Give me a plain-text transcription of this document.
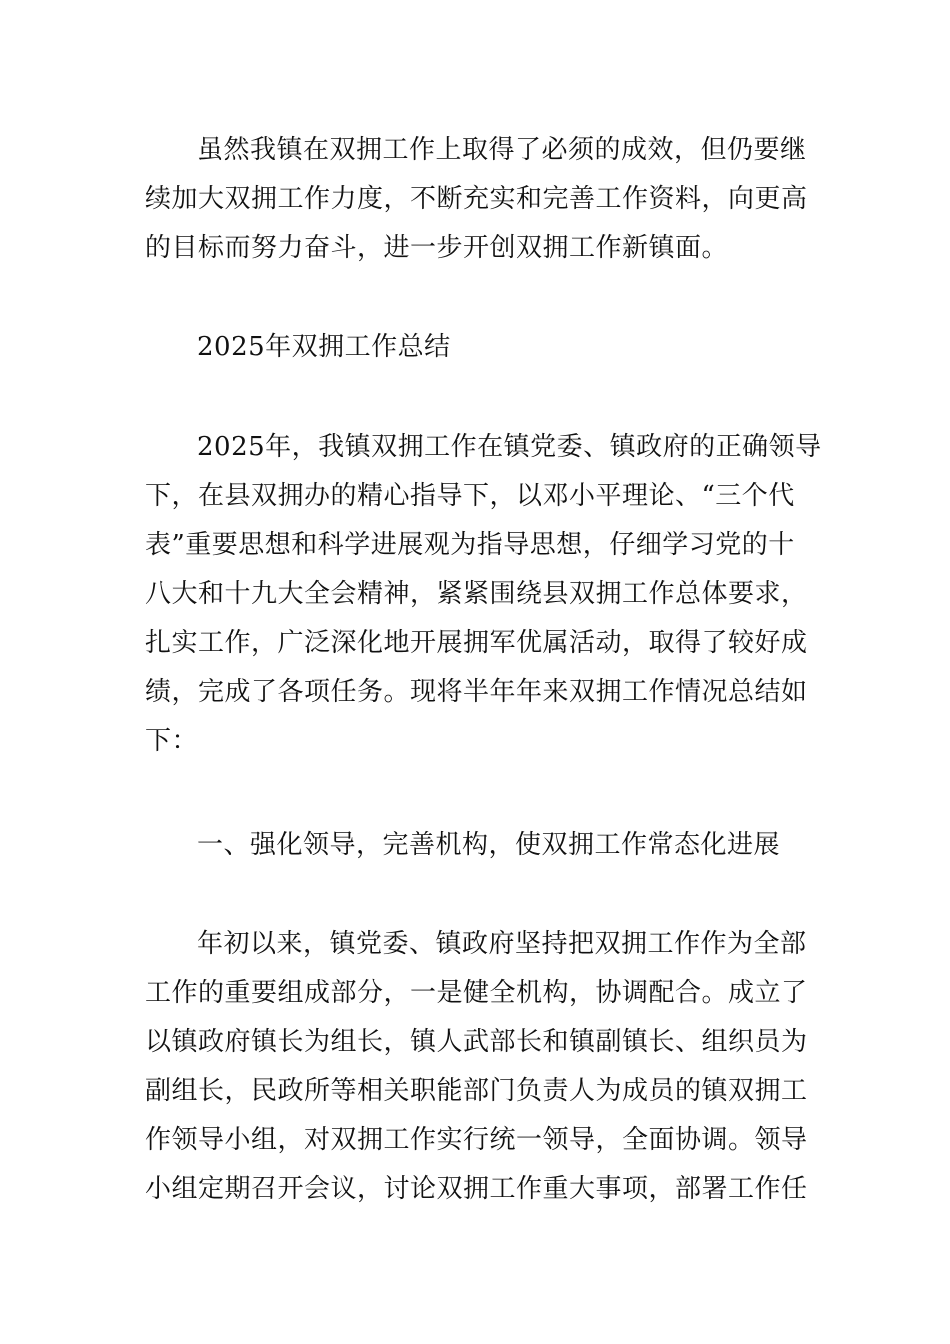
虽然我镇在双拥工作上取得了必须的成效，但仍要继
续加大双拥工作力度，不断充实和完善工作资料，向更高
的目标而努力奋斗，进一步开创双拥工作新镇面。
2025年双拥工作总结
2025年，我镇双拥工作在镇党委、镇政府的正确领导
下，在县双拥办的精心指导下，以邓小平理论、“三个代
表”重要思想和科学进展观为指导思想，仔细学习党的十
八大和十九大全会精神，紧紧围绕县双拥工作总体要求，
扎实工作，广泛深化地开展拥军优属活动，取得了较好成
绩，完成了各项任务。现将半年年来双拥工作情况总结如
下：
一、强化领导，完善机构，使双拥工作常态化进展
年初以来，镇党委、镇政府坚持把双拥工作作为全部
工作的重要组成部分，一是健全机构，协调配合。成立了
以镇政府镇长为组长，镇人武部长和镇副镇长、组织员为
副组长，民政所等相关职能部门负责人为成员的镇双拥工
作领导小组，对双拥工作实行统一领导，全面协调。领导
小组定期召开会议，讨论双拥工作重大事项，部署工作任
